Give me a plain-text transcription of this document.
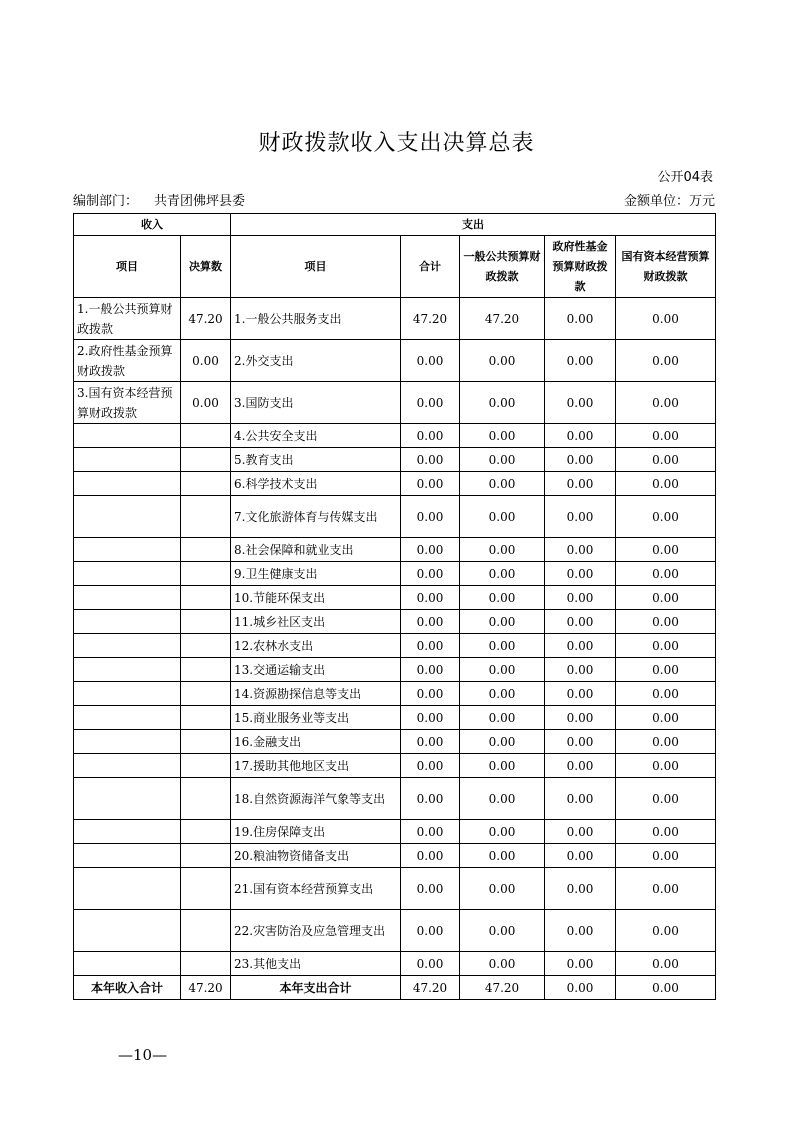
财政拨款收入支出决算总表
公开04表
编制部门： 共青团佛坪县委	金额单位：万元
收入		支出				
项目	决算数	项目	合计	一般公共预算财政拨款	政府性基金预算财政拨款	国有资本经营预算财政拨款
1.一般公共预算财政拨款	47.20	1.一般公共服务支出	47.20	47.20	0.00	0.00
2.政府性基金预算财政拨款	0.00	2.外交支出	0.00	0.00	0.00	0.00
3.国有资本经营预算财政拨款	0.00	3.国防支出	0.00	0.00	0.00	0.00
		4.公共安全支出	0.00	0.00	0.00	0.00
		5.教育支出	0.00	0.00	0.00	0.00
		6.科学技术支出	0.00	0.00	0.00	0.00
		7.文化旅游体育与传媒支出	0.00	0.00	0.00	0.00
		8.社会保障和就业支出	0.00	0.00	0.00	0.00
		9.卫生健康支出	0.00	0.00	0.00	0.00
		10.节能环保支出	0.00	0.00	0.00	0.00
		11.城乡社区支出	0.00	0.00	0.00	0.00
		12.农林水支出	0.00	0.00	0.00	0.00
		13.交通运输支出	0.00	0.00	0.00	0.00
		14.资源勘探信息等支出	0.00	0.00	0.00	0.00
		15.商业服务业等支出	0.00	0.00	0.00	0.00
		16.金融支出	0.00	0.00	0.00	0.00
		17.援助其他地区支出	0.00	0.00	0.00	0.00
		18.自然资源海洋气象等支出	0.00	0.00	0.00	0.00
		19.住房保障支出	0.00	0.00	0.00	0.00
		20.粮油物资储备支出	0.00	0.00	0.00	0.00
		21.国有资本经营预算支出	0.00	0.00	0.00	0.00
		22.灾害防治及应急管理支出	0.00	0.00	0.00	0.00
		23.其他支出	0.00	0.00	0.00	0.00
本年收入合计	47.20	本年支出合计	47.20	47.20	0.00	0.00
—10—
